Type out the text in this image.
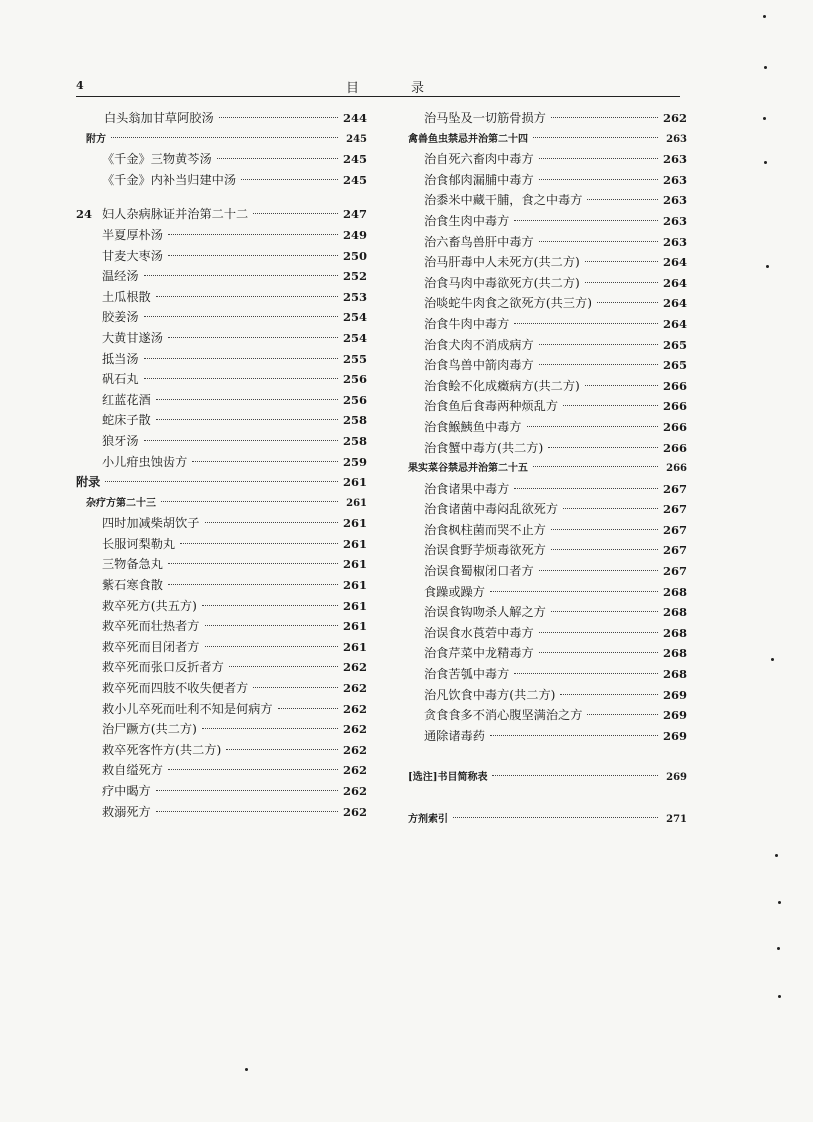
4	目录
白头翁加甘草阿胶汤	244
附方	245
《千金》三物黄芩汤	245
《千金》内补当归建中汤	245
24 妇人杂病脉证并治第二十二	247
半夏厚朴汤	249
甘麦大枣汤	250
温经汤	252
土瓜根散	253
胶姜汤	254
大黄甘遂汤	254
抵当汤	255
矾石丸	256
红蓝花酒	256
蛇床子散	258
狼牙汤	258
小儿疳虫蚀齿方	259
附录	261
杂疗方第二十三	261
四时加减柴胡饮子	261
长服诃梨勒丸	261
三物备急丸	261
紫石寒食散	261
救卒死方(共五方)	261
救卒死而壮热者方	261
救卒死而目闭者方	261
救卒死而张口反折者方	262
救卒死而四肢不收失便者方	262
救小儿卒死而吐利不知是何病方	262
治尸蹶方(共二方)	262
救卒死客忤方(共二方)	262
救自缢死方	262
疗中暍方	262
救溺死方	262
治马坠及一切筋骨损方	262
禽兽鱼虫禁忌并治第二十四	263
治自死六畜肉中毒方	263
治食郁肉漏脯中毒方	263
治黍米中藏干脯，食之中毒方	263
治食生肉中毒方	263
治六畜鸟兽肝中毒方	263
治马肝毒中人未死方(共二方)	264
治食马肉中毒欲死方(共二方)	264
治啖蛇牛肉食之欲死方(共三方)	264
治食牛肉中毒方	264
治食犬肉不消成病方	265
治食鸟兽中箭肉毒方	265
治食鲙不化成癥病方(共二方)	266
治食鱼后食毒两种烦乱方	266
治食鯸鮧鱼中毒方	266
治食蟹中毒方(共二方)	266
果实菜谷禁忌并治第二十五	266
治食诸果中毒方	267
治食诸菌中毒闷乱欲死方	267
治食枫柱菌而哭不止方	267
治误食野芋烦毒欲死方	267
治误食蜀椒闭口者方	267
食躁或躁方	268
治误食钩吻杀人解之方	268
治误食水莨菪中毒方	268
治食芹菜中龙精毒方	268
治食苦瓠中毒方	268
治凡饮食中毒方(共二方)	269
贪食食多不消心腹坚满治之方	269
通除诸毒药	269
[选注]书目简称表	269
方剂索引	271
